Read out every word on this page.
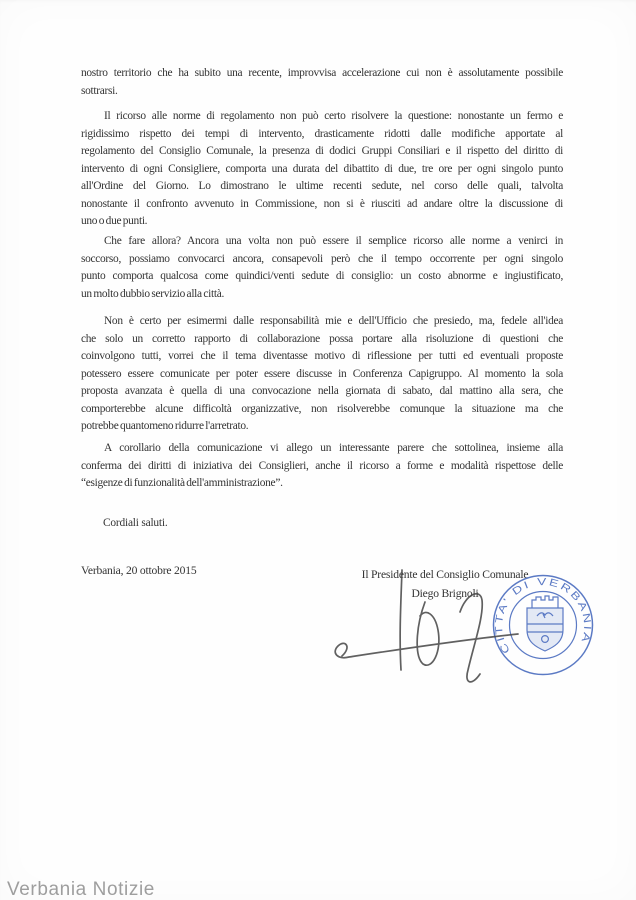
nostro territorio che ha subito una recente, improvvisa accelerazione cui non è assolutamente possibile
sottrarsi.
Il ricorso alle norme di regolamento non può certo risolvere la questione: nonostante un fermo e
rigidissimo rispetto dei tempi di intervento, drasticamente ridotti dalle modifiche apportate al
regolamento del Consiglio Comunale, la presenza di dodici Gruppi Consiliari e il rispetto del diritto di
intervento di ogni Consigliere, comporta una durata del dibattito di due, tre ore per ogni singolo punto
all'Ordine del Giorno. Lo dimostrano le ultime recenti sedute, nel corso delle quali, talvolta
nonostante il confronto avvenuto in Commissione, non si è riusciti ad andare oltre la discussione di
uno o due punti.
Che fare allora? Ancora una volta non può essere il semplice ricorso alle norme a venirci in
soccorso, possiamo convocarci ancora, consapevoli però che il tempo occorrente per ogni singolo
punto comporta qualcosa come quindici/venti sedute di consiglio: un costo abnorme e ingiustificato,
un molto dubbio servizio alla città.
Non è certo per esimermi dalle responsabilità mie e dell'Ufficio che presiedo, ma, fedele all'idea
che solo un corretto rapporto di collaborazione possa portare alla risoluzione di questioni che
coinvolgono tutti, vorrei che il tema diventasse motivo di riflessione per tutti ed eventuali proposte
potessero essere comunicate per poter essere discusse in Conferenza Capigruppo. Al momento la sola
proposta avanzata è quella di una convocazione nella giornata di sabato, dal mattino alla sera, che
comporterebbe alcune difficoltà organizzative, non risolverebbe comunque la situazione ma che
potrebbe quantomeno ridurre l'arretrato.
A corollario della comunicazione vi allego un interessante parere che sottolinea, insieme alla
conferma dei diritti di iniziativa dei Consiglieri, anche il ricorso a forme e modalità rispettose delle
“esigenze di funzionalità dell'amministrazione”.
Cordiali saluti.
Verbania, 20 ottobre 2015	Il Presidente del Consiglio Comunale
Diego Brignoli
CITTA' DI VERBANIA
Verbania Notizie
